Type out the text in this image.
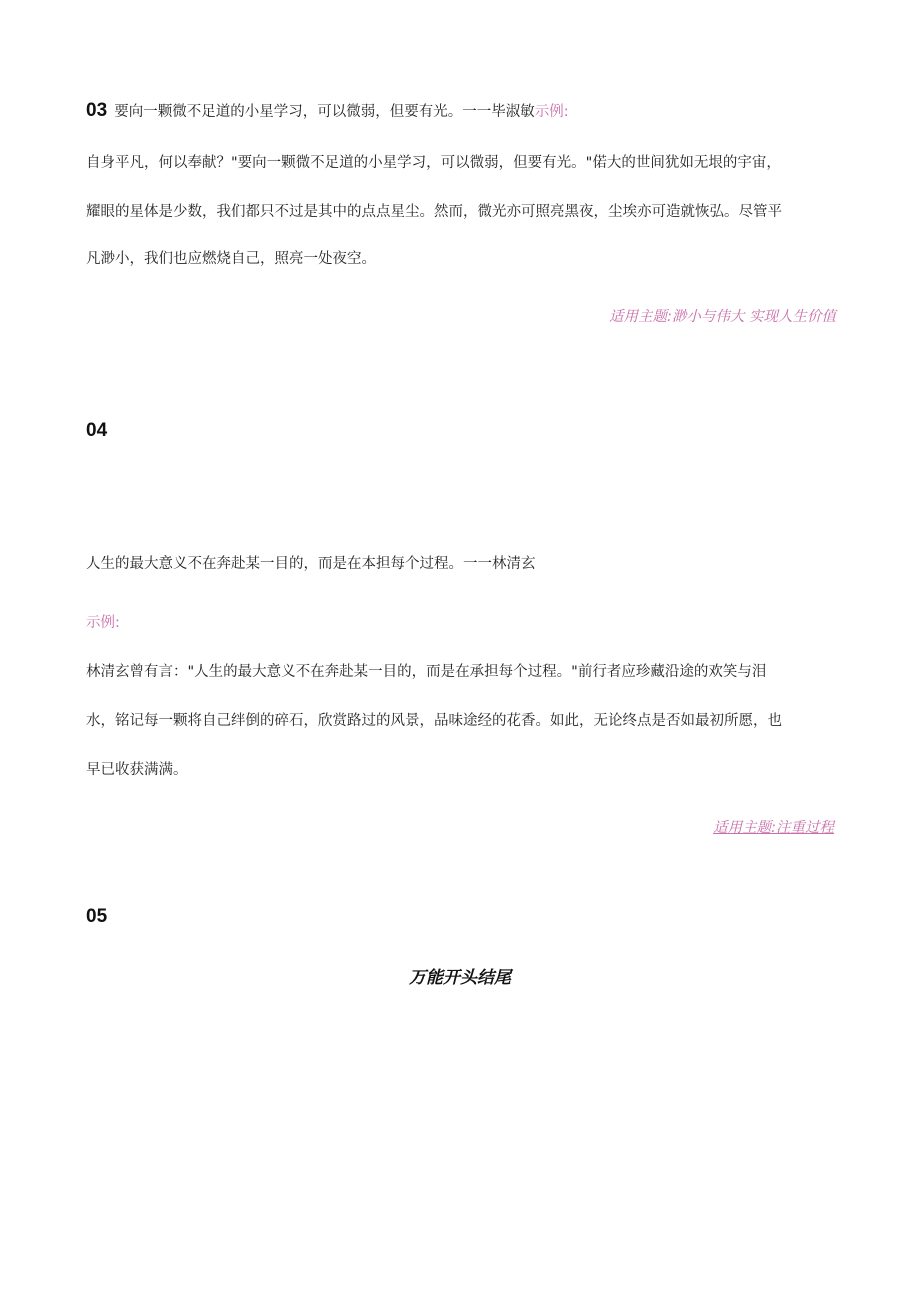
03 要向一颗微不足道的小星学习，可以微弱，但要有光。一一毕淑敏示例:
自身平凡，何以奉献？"要向一颗微不足道的小星学习，可以微弱，但要有光。"偌大的世间犹如无垠的宇宙，
耀眼的星体是少数，我们都只不过是其中的点点星尘。然而，微光亦可照亮黑夜，尘埃亦可造就恢弘。尽管平
凡渺小，我们也应燃烧自己，照亮一处夜空。
适用主题:渺小与伟大 实现人生价值
04
人生的最大意义不在奔赴某一目的，而是在本担每个过程。一一林清玄
示例:
林清玄曾有言："人生的最大意义不在奔赴某一目的，而是在承担每个过程。"前行者应珍藏沿途的欢笑与泪
水，铭记每一颗将自己绊倒的碎石，欣赏路过的风景，品味途经的花香。如此，无论终点是否如最初所愿，也
早已收获满满。
适用主题:注重过程
05
万能开头结尾
